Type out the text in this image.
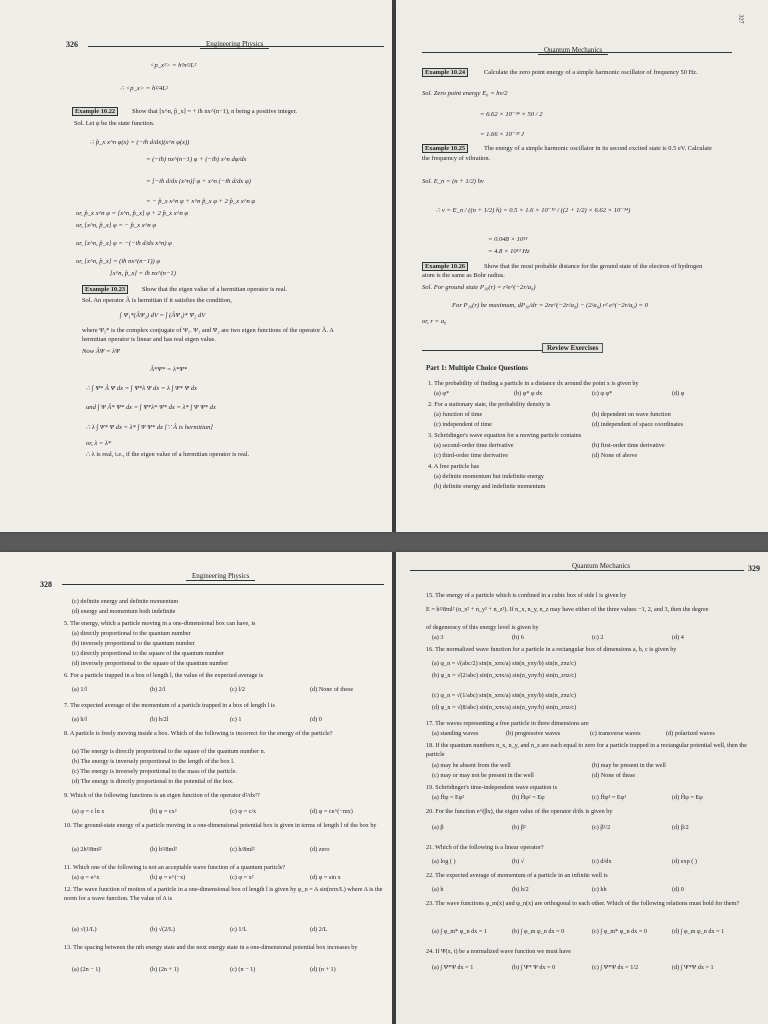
326	Engineering Physics
<p_x²> = h²π²/L²
∴ <p_x> = h²/4L²
Example 10.22	Show that [x^n, p̂_x] = + iħ nx^(n−1), n being a positive integer.
Sol. Let φ be the state function.
∴ p̂_x x^n φ(x) = (−iħ d/dx)(x^n φ(x))
= (−iħ) nx^(n−1) φ + (−iħ) x^n dφ/dx
= [−iħ d/dx (x^n)] φ + x^n (−iħ d/dx φ)
= − p̂_x x^n φ + x^n p̂_x φ + 2 p̂_x x^n φ
or, p̂_x x^n φ = [x^n, p̂_x] φ + 2 p̂_x x^n φ
or, [x^n, p̂_x] φ = − p̂_x x^n φ
or, [x^n, p̂_x] φ = −(−iħ d/dx x^n) φ
or, [x^n, p̂_x] = (iħ nx^(n−1)) φ
[x^n, p̂_x] = iħ nx^(n−1)
Example 10.23	Show that the eigen value of a hermitian operator is real.
Sol. An operator Â is hermitian if it satisfies the condition,
∫ Ψ₁*(ÂΨ₂) dV = ∫ (ÂΨ₁)* Ψ₂ dV
where Ψ₁* is the complex conjugate of Ψ₁. Ψ₁ and Ψ₂ are two eigen functions of the operator Â. A
hermitian operator is linear and has real eigen value.
Now ÂΨ = λΨ
Â*Ψ* = λ*Ψ*
∴ ∫ Ψ* Â Ψ dx = ∫ Ψ*λ Ψ dx = λ ∫ Ψ* Ψ dx
and ∫ Ψ Â* Ψ* dx = ∫ Ψ*λ* Ψ* dx = λ* ∫ Ψ Ψ* dx
∴ λ ∫ Ψ* Ψ dx = λ* ∫ Ψ Ψ* dx [∵ Â is hermitian]
or, λ = λ*
∴ λ is real, i.e., if the eigen value of a hermitian operator is real.
Quantum Mechanics
Example 10.24	Calculate the zero point energy of a simple harmonic oscillator of frequency 50 Hz.
Sol. Zero point energy E₀ = hν/2
= 6.62 × 10⁻³⁴ × 50 / 2
= 1.66 × 10⁻³² J
Example 10.25	The energy of a simple harmonic oscillator in its second excited state is 0.5 eV. Calculate
the frequency of vibration.
Sol. E_n = (n + 1/2) hν
∴ ν = E_n / ((n + 1/2) h) = 0.5 × 1.6 × 10⁻¹⁹ / ((2 + 1/2) × 6.62 × 10⁻³⁴)
= 0.048 × 10¹⁵
= 4.8 × 10¹³ Hz
Example 10.26	Show that the most probable distance for the ground state of the electron of hydrogen
atom is the same as Bohr radius.
Sol. For ground state P₁₀(r) = r²e^(−2r/a₀)
For P₁₀(r) be maximum, dP₁₀/dr = 2re^(−2r/a₀) − (2/a₀) r² e^(−2r/a₀) = 0
or, r = a₀
Review Exercises
Part 1: Multiple Choice Questions
1. The probability of finding a particle in a distance dx around the point x is given by
(a) φ*	(b) φ* φ dx	(c) φ φ*	(d) φ
2. For a stationary state, the probability density is
(a) function of time	(b) dependent on wave function
(c) independent of time	(d) independent of space coordinates
3. Schrödinger's wave equation for a moving particle contains
(a) second-order time derivative	(b) first-order time derivative
(c) third-order time derivative	(d) None of above
4. A free particle has
(a) definite momentum but indefinite energy
(b) definite energy and indefinite momentum
327
328
Engineering Physics
(c) definite energy and definite momentum
(d) energy and momentum both indefinite
5. The energy, which a particle moving in a one-dimensional box can have, is
(a) directly proportional to the quantum number
(b) inversely proportional to the quantum number
(c) directly proportional to the square of the quantum number
(d) inversely proportional to the square of the quantum number
6. For a particle trapped in a box of length l, the value of the expected average is
(a) 1/l	(b) 2/l	(c) l/2	(d) None of these
7. The expected average of the momentum of a particle trapped in a box of length l is
(a) h/l	(b) h/2l	(c) 1	(d) 0
8. A particle is freely moving inside a box. Which of the following is incorrect for the energy of the particle?
(a) The energy is directly proportional to the square of the quantum number n.
(b) The energy is inversely proportional to the length of the box l.
(c) The energy is inversely proportional to the mass of the particle.
(d) The energy is directly proportional to the potential of the box.
9. Which of the following functions is an eigen function of the operator d²/dx²?
(a) φ = c ln x	(b) φ = cx²	(c) φ = c/x	(d) φ = ce^(−mx)
10. The ground-state energy of a particle moving in a one-dimensional potential box is given in terms of length l of the box by
(a) 2h²/8ml²	(b) h²/8ml²	(c) h/8ml²	(d) zero
11. Which one of the following is not an acceptable wave function of a quantum particle?
(a) φ = e^x	(b) φ = e^(−x)	(c) φ = x²	(d) φ = sin x
12. The wave function of motion of a particle in a one-dimensional box of length l is given by φ_n = A sin(nπx/L) where A is the norm for a wave function. The value of A is
(a) √(1/L)	(b) √(2/L)	(c) 1/L	(d) 2/L
13. The spacing between the nth energy state and the next energy state in a one-dimensional potential box increases by
(a) (2n − 1)	(b) (2n + 1)	(c) (n − 1)	(d) (n + 1)
329
Quantum Mechanics
15. The energy of a particle which is confined in a cubic box of side l is given by
E = h²/8ml² (n_x² + n_y² + n_z²). If n_x, n_y, n_z may have either of the three values −1, 2, and 3, then the degree
of degeneracy of this energy level is given by
(a) 3	(b) 6	(c) 2	(d) 4
16. The normalized wave function for a particle in a rectangular box of dimensions a, b, c is given by
(a) φ_n = √(abc/2) sin(n_xπx/a) sin(n_yπy/b) sin(n_zπz/c)
(b) φ_n = √(2/abc) sin(n_xπx/a) sin(n_yπy/b) sin(n_zπz/c)
(c) φ_n = √(1/abc) sin(n_xπx/a) sin(n_yπy/b) sin(n_zπz/c)
(d) φ_n = √(8/abc) sin(n_xπx/a) sin(n_yπy/b) sin(n_zπz/c)
17. The waves representing a free particle in three dimensions are
(a) standing waves	(b) progressive waves	(c) transverse waves	(d) polarized waves
18. If the quantum numbers n_x, n_y, and n_z are each equal to zero for a particle trapped in a rectangular potential well, then the particle
(a) may be absent from the well	(b) may be present in the well
(c) may or may not be present in the well	(d) None of these
19. Schrödinger's time-independent wave equation is
(a) Ĥφ = Eφ²	(b) Ĥφ² = Eφ	(c) Ĥφ³ = Eφ²	(d) Ĥφ = Eφ
20. For the function e^(βx), the eigen value of the operator d/dx is given by
(a) β	(b) β²	(c) β²/2	(d) β/2
21. Which of the following is a linear operator?
(a) log ( )	(b) √	(c) d/dx	(d) exp ( )
22. The expected average of momentum of a particle in an infinite well is
(a) h	(b) h/2	(c) kh	(d) 0
23. The wave functions φ_m(x) and φ_n(x) are orthogonal to each other. Which of the following relations must hold for them?
(a) ∫ φ_m* φ_n dx = 1	(b) ∫ φ_m φ_n dx = 0	(c) ∫ φ_m* φ_n dx = 0	(d) ∫ φ_m φ_n dx = 1
24. If Ψ(x, t) be a normalized wave function we must have
(a) ∫ Ψ*Ψ dx = 1	(b) ∫ Ψ* Ψ dx = 0	(c) ∫ Ψ*Ψ dx = 1/2	(d) ∫ Ψ*Ψ dx = 1
